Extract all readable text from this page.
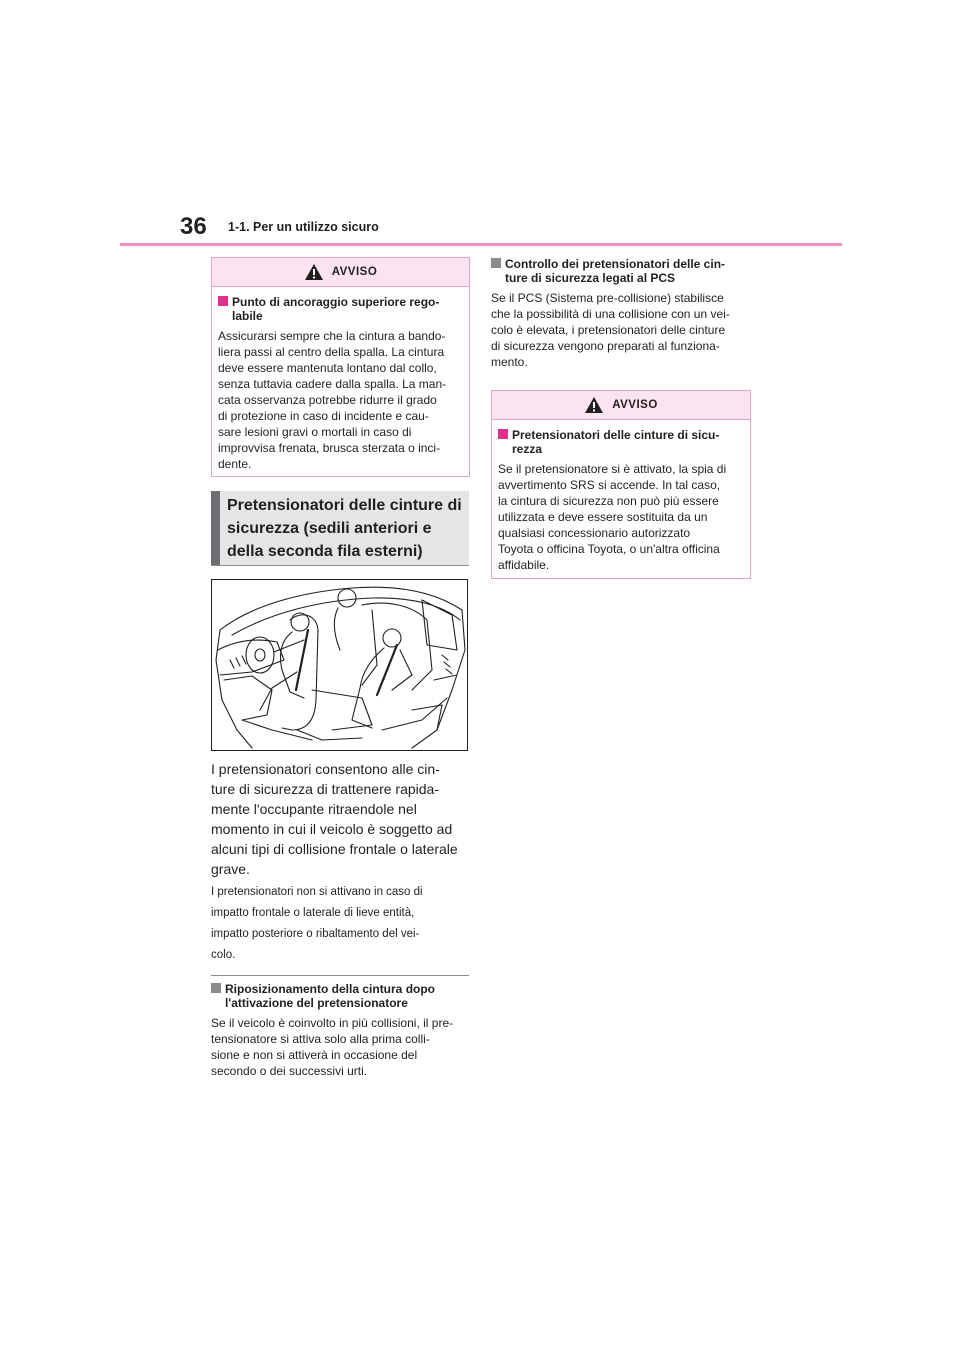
36 1-1. Per un utilizzo sicuro
AVVISO
Punto di ancoraggio superiore rego-
labile
Assicurarsi sempre che la cintura a bando-
liera passi al centro della spalla. La cintura
deve essere mantenuta lontano dal collo,
senza tuttavia cadere dalla spalla. La man-
cata osservanza potrebbe ridurre il grado
di protezione in caso di incidente e cau-
sare lesioni gravi o mortali in caso di
improvvisa frenata, brusca sterzata o inci-
dente.
Pretensionatori delle cinture di
sicurezza (sedili anteriori e
della seconda fila esterni)
I pretensionatori consentono alle cin-
ture di sicurezza di trattenere rapida-
mente l'occupante ritraendole nel
momento in cui il veicolo è soggetto ad
alcuni tipi di collisione frontale o laterale
grave.
I pretensionatori non si attivano in caso di
impatto frontale o laterale di lieve entità,
impatto posteriore o ribaltamento del vei-
colo.
Riposizionamento della cintura dopo
l'attivazione del pretensionatore
Se il veicolo è coinvolto in più collisioni, il pre-
tensionatore si attiva solo alla prima colli-
sione e non si attiverà in occasione del
secondo o dei successivi urti.
Controllo dei pretensionatori delle cin-
ture di sicurezza legati al PCS
Se il PCS (Sistema pre-collisione) stabilisce
che la possibilità di una collisione con un vei-
colo è elevata, i pretensionatori delle cinture
di sicurezza vengono preparati al funziona-
mento.
AVVISO
Pretensionatori delle cinture di sicu-
rezza
Se il pretensionatore si è attivato, la spia di
avvertimento SRS si accende. In tal caso,
la cintura di sicurezza non può più essere
utilizzata e deve essere sostituita da un
qualsiasi concessionario autorizzato
Toyota o officina Toyota, o un'altra officina
affidabile.
